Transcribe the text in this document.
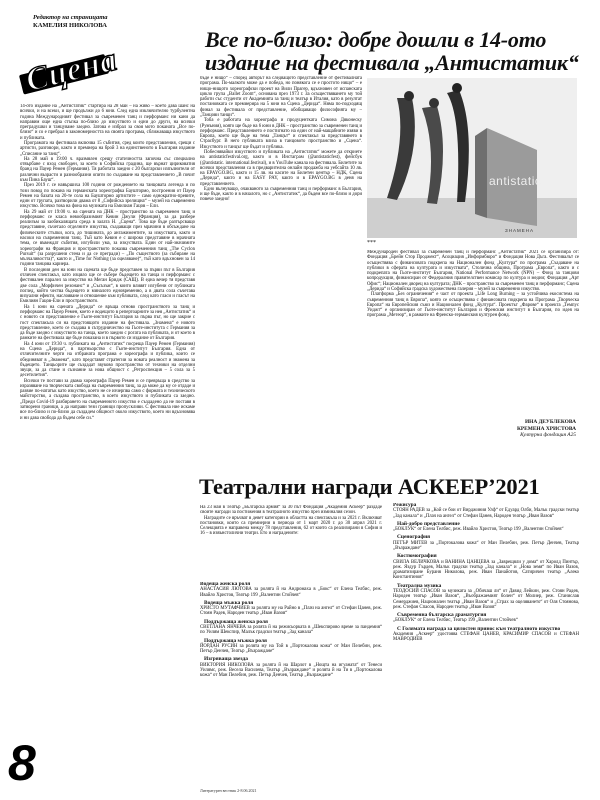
Редактор на страницата
КАМЕЛИЯ НИКОЛОВА
Сцена
Все по-близо: добре дошли в 14-ото издание на фестивала „Антистатик“

14-ото издание на „Антистатик“ стартира на 28 май – на живо – което дава шанс на всички, и на всеки, и ще продължи до 6 юни. След една изключително турбулентна година Международният фестивал за съвременен танц и перформанс ни кани да направим още една стъпка по-близо до изкуството и едни до други, на всички преградушки и танцуваме заедно. Затова е избрал за своя мото поканата „Все по-близо“ и со е пребрал в закономерността на своята програма, сближаваща изкуството и публиката.

Програмата на фестивала включва 15 събития, сред които представления, срещи с артисти, разговори, както и премиера на брой 3 на единственото в България издание „Списание за танц“.

На 28 май в 19:00 ч. вразмялен срещу статичността започна със специално отвърбане с вход свободен, за което в Софийска градина, ще върнат цириковатия бранд на Пауер Ремен (Германия). Тя работата заедно с 20 български изпълнители от различни възрасти и разнообразни опити по създаване на представлението „В почит към Пина Бауш“.

През 2019 г. се навършиха 100 години от рождението на танцовата легенда и по този повод по покана на германската хореографка Бауштормо, построения от Пауер Ремен на базата на 20-те сола на Бауштормо артистите – само еднократно-превите, един от групата, разтворили двама от 8 „Софийска зрелищна“ – музей на съвременно изкуство. Всичко това на фона на музиката на Емилиан Гацов – Ели.

На 29 май от 19:00 ч. на сцената на ДНК – пространство за съвременен танц и перформанс се класа невообразимият Кевин Джули (Франция), за да разбере реализъм за заобикалящата среда в залата Н. „Сцена“. Това ще бъде разтърсващо представяне, съчетало отделните изкуства, създаващи през мрачини в обсъждане на физическите стъпки, кога, до тишината, до ангажиментите, за изкуствата, както и насоки на съвременния танц. Тъй като Кевин е с широко представяне в мрачната тема, се въвеждат събития, изгубили ума, за изкуствата. Един от най-значимите хореографи на Франция и пространството показва съвременния танц „The Cyclon Pursuit“ (за разрушени стена и да се прегради) – „По съществото (за събиране на мълчаливостта)“, както и „Time for Nothing (за оцеляване)“, тъй като вдъхновен за 14 години танцова кариера.

В последния ден на юни на сцената ще бъде представен за първи път в България отличен спектакъл, като изцяло ще се събере бъдещето на танца и перформанс с фестивален паралел за изкуство на Меган Бридж (САЩ). В една вечер тя представя две сола „Морфичен резонанс“ и „Съсъзъм“, в които влияят изгубени от публиката поглед, който чества бъдещето и миналото едновременно, а в двата сола съчетава визуални ефекти, наслояване и отношение към публиката, след като гласи и гласът на Емилиян Гацов-Ели и пространството.

На 1 юни на сцената „Дерида“ се връща отново пространството за танц и перформанс на Пауер Ремен, което е водещото в репертоарните за нея „Антистатик“ и с новото си представление е Гьоте-институт България за първа път, но ще закрие с гост спектакъла си на предстоящото издание на фестивала. „Знамена“ е новото представление, което се създава в сътрудничество на Гьоте-института с Германия за да бъде заедно с изкуството на танца, което заедно с рогата на публиката, и от което в рамките на фестивала ще бъде показана и в първото си издание от България.

На 4 юни от 19:30 ч. публиката на „Антистатик“ посреща Пауер Ремен (Германия) на Сцена „Дерида“, в партньорство с Гьоте-институт България. Една от отличителните черти на отбраната програма е хореографа и публика, които се обединяват в „Знамена“, като представят стратегии за новата реалност и знамена за бъдещето. Танцьорите ще създадат звуково пространство от техники на отделни звуци, за да стане и съзнание за нова общност с „Ретроспекция – 5 сола за 5 десетилетия“.

Всички те постави за двама хореографа Пауер Ремен и се превръща в средство за изразяване на творческата свобода на съвременния танц, за да може да му се отдаде и развие по-нататък като изкуство, което не се изчерпва само с формата и техническото майсторство, а създава пространство, в което изкуството и публиката са заедно. „Преди Covid-19 разбирането на съвременното изкуство е създадено да не поставя в затворени граници, а да направи тези граници пропускливи. С фестивала ние искаме все по-близо и по-близо да създадем общност около изкуството, което ни вдъхновява и ни дава свобода да бъдем себе си.“

бъде е нищо“ – според авторът на следващото представление от фестивалната програма. По-малкото може да е победа, но понякога се е простото нищо“ – е нищо-нищото хореографски проект на Вили Прагер, вдъхновен от испанската цикло група „Ballet Zoom“, основана през 1973 г. За осъществяването му той работи със студенти от Академията за танц и театър в Италия, като в резултат постановката се премиерира на 5 юни на Сцена „Дерида“. Няма по-подходящ финал за фестивала от представление, обобщаващо философията му – „Танцови танци“.

Тоба е работата на хореографа и продуцентката Симона Дяконеску (Румъния), която ще бъде на 6 юни в ДНК – пространство за съвременен танц и перформанс. Представлението е постигнато на един от най-мащабните изяви в Европа, което ще бъде на тема „Танцът“ и спектакъл за представянето в Страсбург. В него публиката влиза в танцовото пространство и „Сцена“. Изкуството и танцът ще бъдат и публика.

Побеснявайки изкуството и публиката на „Антистатик“ можете да откриете на antistaticfestival.org, както и в Инстаграм (@antistaticfest), фейсбук (@antistatic. international.festival), и в YouTube канала на фестивала. Билетите за всички представления са в предварителна онлайн продажба на уебсайта 10 лв. на EPAYGO.BG, както и 15 лв. на касите на Билетен център – НДК, Сцена „Дерида“, както и на EASY PAY, както и в EPAYGO.BG в деня на представлението.

Едно вълнуващо, очакваното за съвременния танц и перформанс в България, и ще бъде, както и в началото, но с „Антистатик“, да бъдем все по-близо и дори повече заедно!

antistatic
ЗНАМЕНА
***

Международен фестивал за съвременен танц и перформанс „Антистатик“ 2021 се организира от: Фондация „Брейн Стор Проджект“, Асоциация „Информбюро“ и Фондация Нова Дъга. Фестивалът се осъществява с финансовата подкрепа на Национален фонд „Култура“ по програма „Създаване на публики в сферата на културата и изкуствата“, Столична община, Програма „Европа“, както и с подкрепата на Гьоте-институт България, National Performance Network (NPN) – Фонд за танцови копродукции, финансиран от Федералния правителствен комисар по култура и медии; Фондация „Арт Офис“; Национален дворец на културата; ДНК – пространство за съвременен танц и перформанс; Сцена „Дерида“ и Софийска градска художествена галерия – музей за съвременно изкуство.

Платформа „Без ограничения“ е част от проекта „Life Long Burning – за устойчива екосистема на съвременния танц в Европа“, която се осъществява с финансовата подкрепа на Програма „Творческа Европа“ на Европейския съюз и Национален фонд „Култура“. Проектът „Фарове“ в проекта „Темпус Уиджт“ е организиран от Гьоте-институт България и Френския институт в България, по идея на програма „Метеор“, в рамките на Френско-германския културен фонд.

ИНА ДЕУБЛЕКОВА
КРЕМЕНА ХРИСТОВА
Културна фондация А25
Театрални награди АСКЕЕР’2021

На 23 май в Театър „Българска армия“ за 30 път Фондация „Академия Аскеер“ раздаде своите награди за постижения в театралното изкуство през изминалия сезон.

Наградите се връчват в девет категории в областта на спектакъла и за 2021 г. Включват постановки, които са премиерни в периода от 1 март 2020 г. до 30 април 2021 г. Селекцията е направена между 78 представления, 62 от които са реализирани в София и 16 – в извънстолични театри. Ето и наградените:

Водеща женска роля
АНАСТАСИЯ ЛЮТОВА за ролята й на Андромаха в „Бокс“ от Елена Телбис, реж. Ивайло Христов, Театър 199 „Валентин Стойчев“

Водеща мъжка роля
ХРИСТО МУТАФЧИЕВ за ролята му на Райно в „Плач на ангел“ от Стефан Цанев, реж. Стоян Радев, Народен театър „Иван Вазов“

Поддържаща женска роля
СВЕТЛАНА ЯНЧЕВА за ролята й на режисьорката в „Шекспирово време за пандемия“ по Уилям Шекспир, Малък градски театър „Зад канала“

Поддържаща мъжка роля
ЙОРДАН РУСИН за ролята му на Той в „Портокалова кожа“ от Ман Пелебин, реж. Петър Денчев, Театър „Възраждане“

Изгряваща звезда
ВИКТОРИЯ НИКОЛОВА за ролята й на Шарлот в „Нощта на игуаната“ от Тенеси Уилямс, реж. Весела Василева, Театър „Възраждане“ и ролята й на Ти в „Портокалова кожа“ от Ман Пелебин, реж. Петър Денчев, Театър „Възраждане“

Режисура
СТОЯН РАДЕВ за „Кой се бои от Вирджиния Улф“ от Едуард Олби, Малък градски театър „Зад канала“ и „Плач на ангел“ от Стефан Цанев, Народен театър „Иван Вазов“

Най-добро представление
„БОКЛУК“ от Елена Телбис, реж. Ивайло Христов, Театър 199 „Валентин Стойчев“

Сценография
ПЕТЪР МИТЕВ за „Портокалова кожа“ от Ман Пелебин, реж. Петър Денчев, Театър „Възраждане“

Костюмография
СВИЛА ВЕЛИЧКОВА и ВАНИНА ЦАНЦЕВА за „Заврещяли у дома“ от Харолд Пинтър, реж. Яздур Гърдев, Малък градски театър „Зад канала“ и „Нова земя“ по Иван Вазов, драматизиране Бураня Николова, реж. Иван Панайотов, Сатиричен театър „Алеко Константинов“

Театрална музика
ТЕОДОСИЙ СПАСОВ за музиката за „Обичаш ли“ от Давид Лейкин, реж. Стоян Радев, Народен театър „Иван Вазов“, „Въображаемият болен“ от Молиер, реж. Станислав Семерджиев, Национален театър „Иван Вазов“ и „Страх за оцеляването“ от Оля Стоянова, реж. Стефан Спасов, Народен театър „Иван Вазов“

Съвременна българска драматургия
„БОКЛУК“ от Елена Телбис, Театър 199 „Валентин Стойчев“

С Голямата награда за цялостен принос към театралното изкуство
Академия „Аскеер“ удостоява СТЕФАН ЦАНЕВ, КРАСИМИР СПАСОВ и СТЕФАН МАВРОДИЕВ

8	Литературен вестник 2-8.06.2021
